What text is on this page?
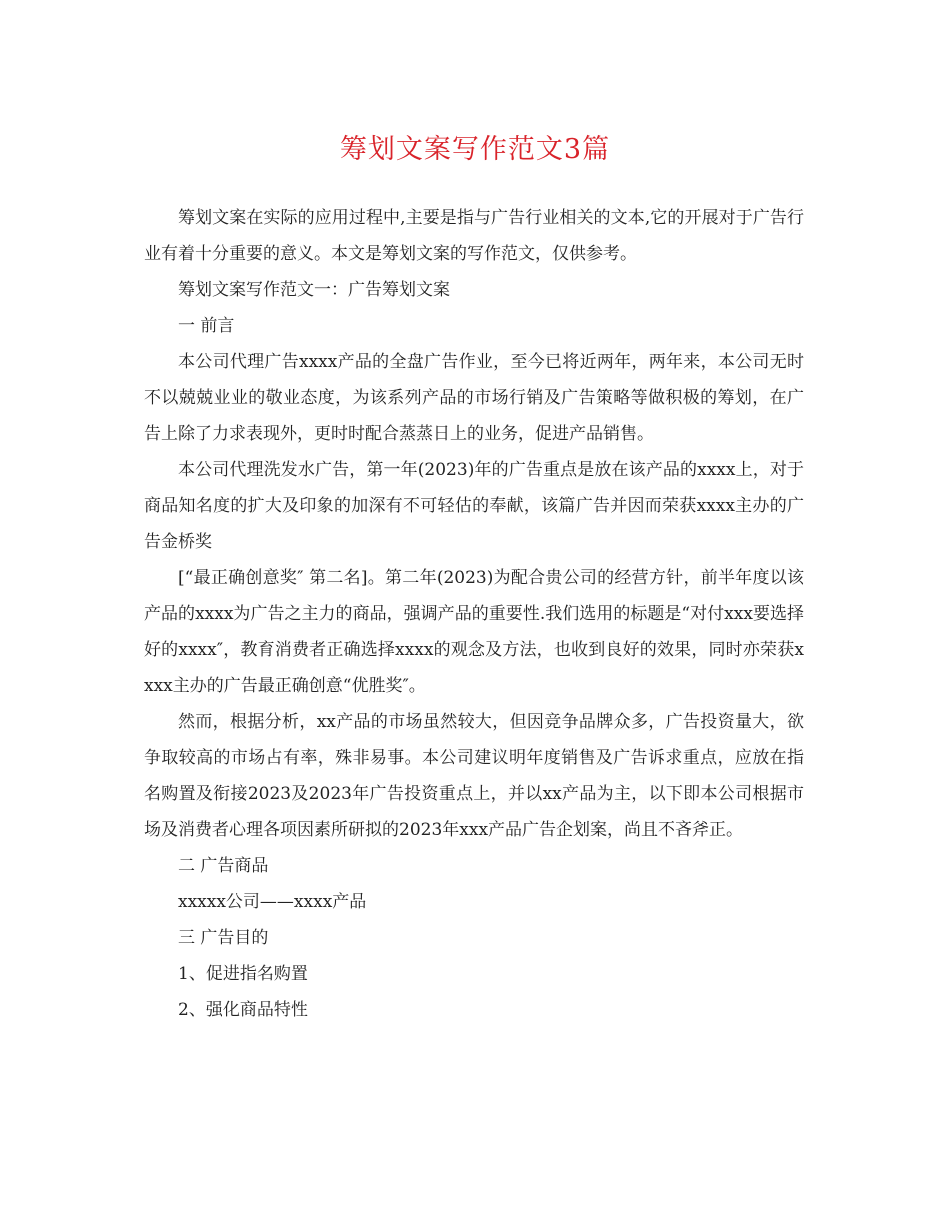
筹划文案写作范文3篇

筹划文案在实际的应用过程中,主要是指与广告行业相关的文本,它的开展对于广告行业有着十分重要的意义。本文是筹划文案的写作范文，仅供参考。

筹划文案写作范文一：广告筹划文案

一 前言

本公司代理广告xxxx产品的全盘广告作业，至今已将近两年，两年来，本公司无时不以兢兢业业的敬业态度，为该系列产品的市场行销及广告策略等做积极的筹划，在广告上除了力求表现外，更时时配合蒸蒸日上的业务，促进产品销售。

本公司代理洗发水广告，第一年(2023)年的广告重点是放在该产品的xxxx上，对于商品知名度的扩大及印象的加深有不可轻估的奉献，该篇广告并因而荣获xxxx主办的广告金桥奖

[“最正确创意奖″ 第二名]。第二年(2023)为配合贵公司的经营方针，前半年度以该产品的xxxx为广告之主力的商品，强调产品的重要性.我们选用的标题是“对付xxx要选择好的xxxx″，教育消费者正确选择xxxx的观念及方法，也收到良好的效果，同时亦荣获xxxx主办的广告最正确创意“优胜奖″。

然而，根据分析，xx产品的市场虽然较大，但因竞争品牌众多，广告投资量大，欲争取较高的市场占有率，殊非易事。本公司建议明年度销售及广告诉求重点，应放在指名购置及衔接2023及2023年广告投资重点上，并以xx产品为主，以下即本公司根据市场及消费者心理各项因素所研拟的2023年xxx产品广告企划案，尚且不吝斧正。

二 广告商品

xxxxx公司——xxxx产品

三 广告目的

1、促进指名购置

2、强化商品特性
